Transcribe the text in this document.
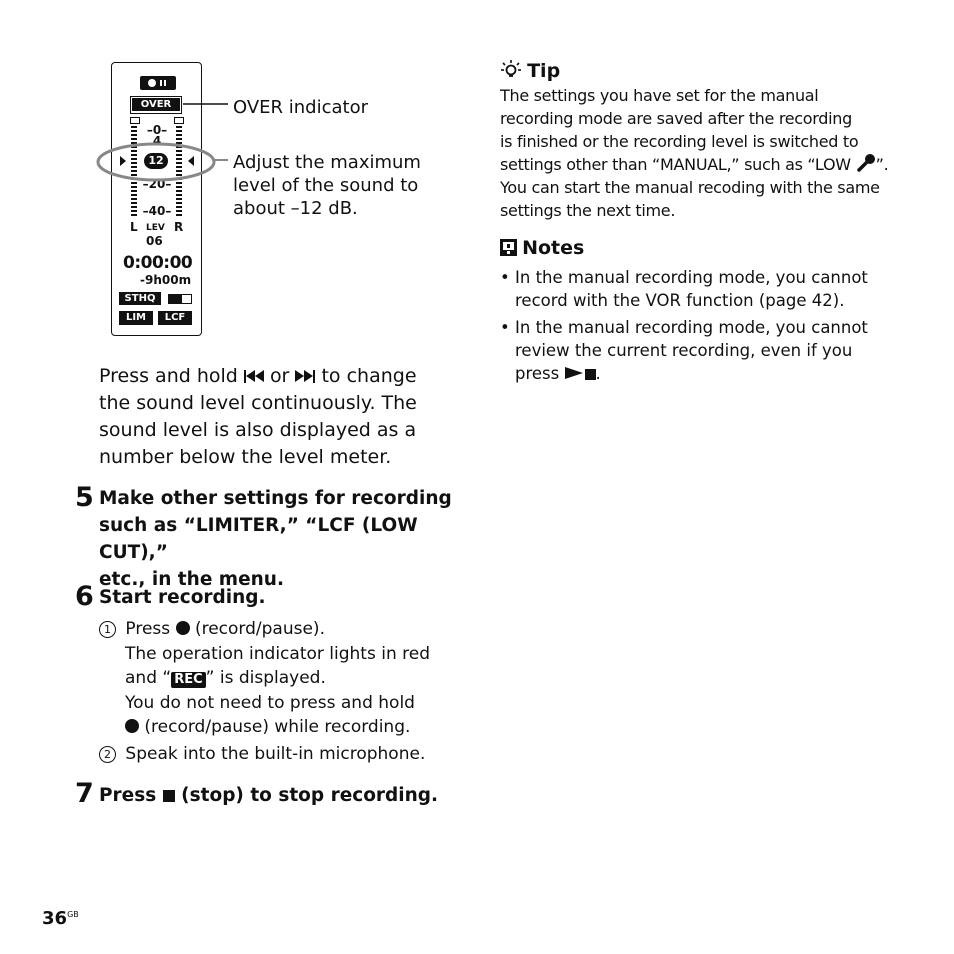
OVER
–0–
4
12
–20–
–40–
L LEV R
06
0:00:00
-9h00m
STHQ
LIM	LCF
OVER indicator
Adjust the maximum
level of the sound to
about –12 dB.
Press and hold or to change
the sound level continuously. The
sound level is also displayed as a
number below the level meter.
5 Make other settings for recording
such as “LIMITER,” “LCF (LOW CUT),”
etc., in the menu.
6 Start recording.
1 Press (record/pause).
The operation indicator lights in red
and “ REC ” is displayed.
You do not need to press and hold
(record/pause) while recording.
2 Speak into the built-in microphone.
7 Press (stop) to stop recording.
Tip
The settings you have set for the manual
recording mode are saved after the recording
is finished or the recording level is switched to
settings other than “MANUAL,” such as “LOW ”.
You can start the manual recoding with the same
settings the next time.
Notes
• In the manual recording mode, you cannot
record with the VOR function (page 42).
• In the manual recording mode, you cannot
review the current recording, even if you
press .
$36^{GB}$
